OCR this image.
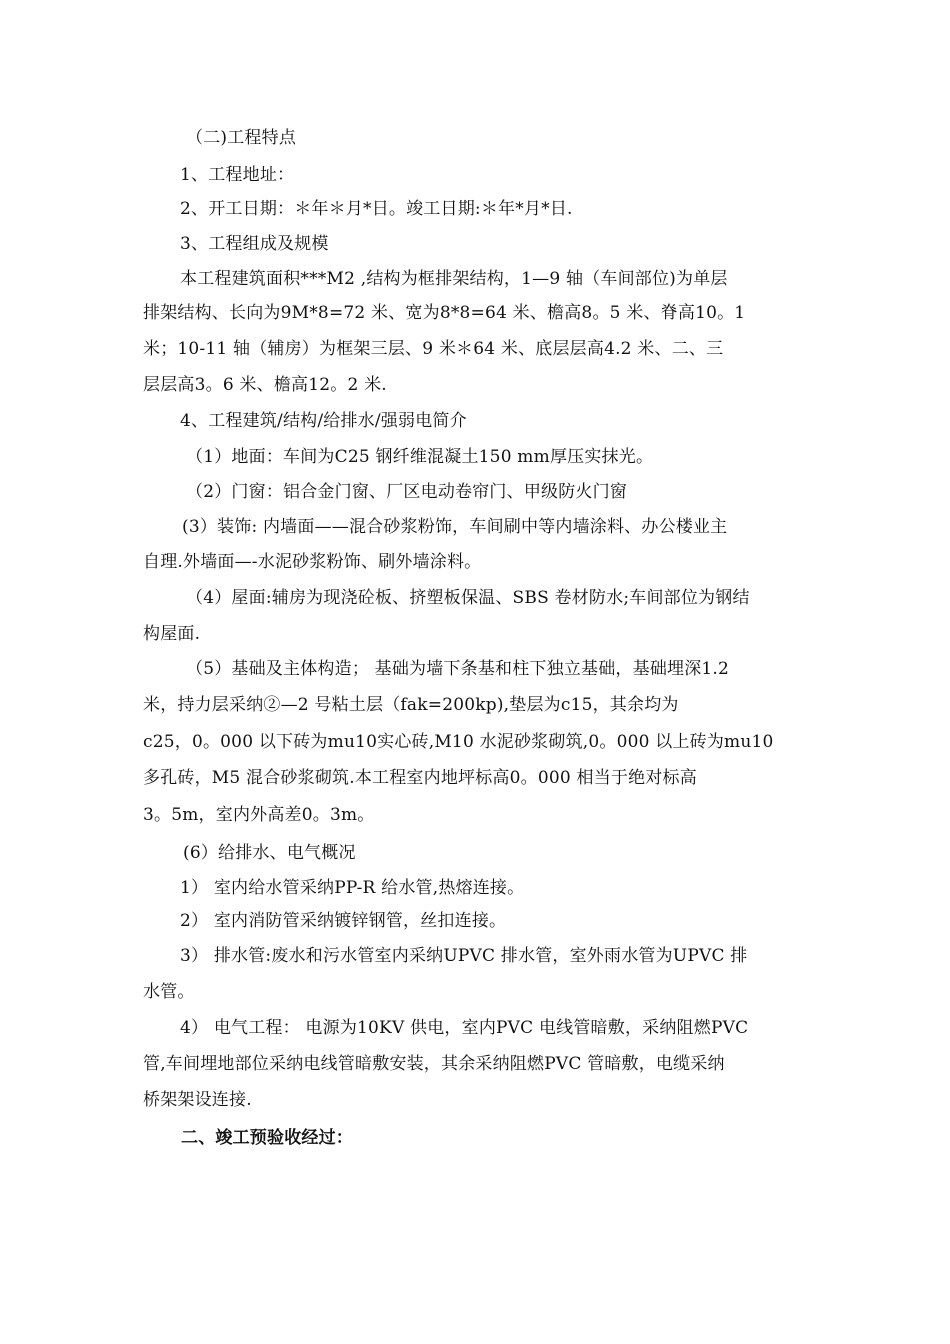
（二)工程特点
1、工程地址：
2、开工日期：＊年＊月*日。竣工日期:＊年*月*日.
3、工程组成及规模
本工程建筑面积***M2 ,结构为框排架结构，1—9 轴（车间部位)为单层
排架结构、长向为9M*8=72 米、宽为8*8=64 米、檐高8。5 米、脊高10。1
米；10-11 轴（辅房）为框架三层、9 米＊64 米、底层层高4.2 米、二、三
层层高3。6 米、檐高12。2 米.
4、工程建筑/结构/给排水/强弱电简介
（1）地面：车间为C25 钢纤维混凝土150 mm厚压实抹光。
（2）门窗：铝合金门窗、厂区电动卷帘门、甲级防火门窗
(3）装饰: 内墙面——混合砂浆粉饰，车间刷中等内墙涂料、办公楼业主
自理.外墙面—-水泥砂浆粉饰、刷外墙涂料。
（4）屋面:辅房为现浇砼板、挤塑板保温、SBS 卷材防水;车间部位为钢结
构屋面.
（5）基础及主体构造； 基础为墙下条基和柱下独立基础，基础埋深1.2
米，持力层采纳②—2 号粘土层（fak=200kp),垫层为c15，其余均为
c25，0。000 以下砖为mu10实心砖,M10 水泥砂浆砌筑,0。000 以上砖为mu10
多孔砖，M5 混合砂浆砌筑.本工程室内地坪标高0。000 相当于绝对标高
3。5m，室内外高差0。3m。
(6）给排水、电气概况
1） 室内给水管采纳PP-R 给水管,热熔连接。
2） 室内消防管采纳镀锌钢管，丝扣连接。
3） 排水管:废水和污水管室内采纳UPVC 排水管，室外雨水管为UPVC 排
水管。
4） 电气工程： 电源为10KV 供电，室内PVC 电线管暗敷，采纳阻燃PVC
管,车间埋地部位采纳电线管暗敷安装，其余采纳阻燃PVC 管暗敷，电缆采纳
桥架架设连接.
二、竣工预验收经过：
